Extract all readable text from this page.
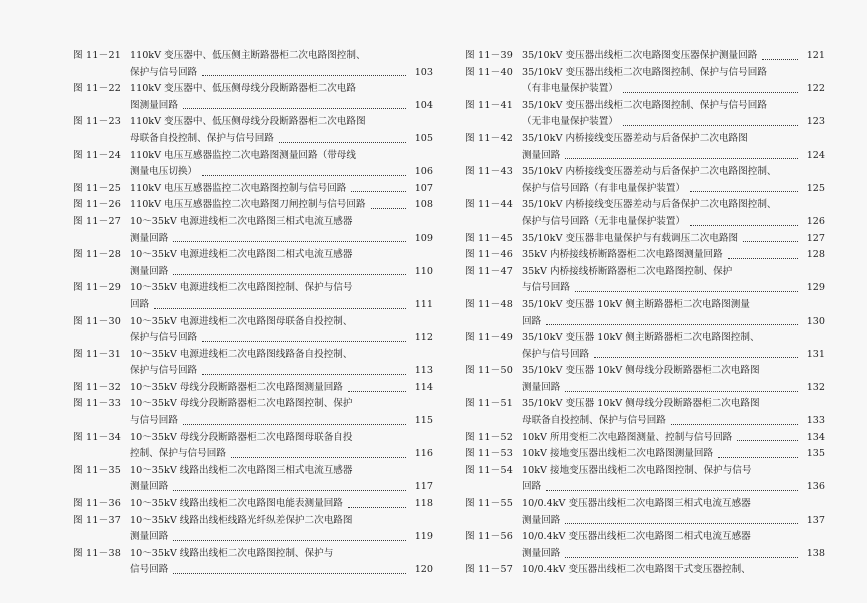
图 11－21 110kV 变压器中、低压侧主断路器柜二次电路图控制、
保护与信号回路	103
图 11－22 110kV 变压器中、低压侧母线分段断路器柜二次电路
图测量回路	104
图 11－23 110kV 变压器中、低压侧母线分段断路器柜二次电路图
母联备自投控制、保护与信号回路	105
图 11－24 110kV 电压互感器监控二次电路图测量回路（带母线
测量电压切换）	106
图 11－25 110kV 电压互感器监控二次电路图控制与信号回路	107
图 11－26 110kV 电压互感器监控二次电路图刀闸控制与信号回路	108
图 11－27 10～35kV 电源进线柜二次电路图三相式电流互感器
测量回路	109
图 11－28 10～35kV 电源进线柜二次电路图二相式电流互感器
测量回路	110
图 11－29 10～35kV 电源进线柜二次电路图控制、保护与信号
回路	111
图 11－30 10～35kV 电源进线柜二次电路图母联备自投控制、
保护与信号回路	112
图 11－31 10～35kV 电源进线柜二次电路图线路备自投控制、
保护与信号回路	113
图 11－32 10～35kV 母线分段断路器柜二次电路图测量回路	114
图 11－33 10～35kV 母线分段断路器柜二次电路图控制、保护
与信号回路	115
图 11－34 10～35kV 母线分段断路器柜二次电路图母联备自投
控制、保护与信号回路	116
图 11－35 10～35kV 线路出线柜二次电路图三相式电流互感器
测量回路	117
图 11－36 10～35kV 线路出线柜二次电路图电能表测量回路	118
图 11－37 10～35kV 线路出线柜线路光纤纵差保护二次电路图
测量回路	119
图 11－38 10～35kV 线路出线柜二次电路图控制、保护与
信号回路	120
图 11－39 35/10kV 变压器出线柜二次电路图变压器保护测量回路	121
图 11－40 35/10kV 变压器出线柜二次电路图控制、保护与信号回路
（有非电量保护装置）	122
图 11－41 35/10kV 变压器出线柜二次电路图控制、保护与信号回路
（无非电量保护装置）	123
图 11－42 35/10kV 内桥接线变压器差动与后备保护二次电路图
测量回路	124
图 11－43 35/10kV 内桥接线变压器差动与后备保护二次电路图控制、
保护与信号回路（有非电量保护装置）	125
图 11－44 35/10kV 内桥接线变压器差动与后备保护二次电路图控制、
保护与信号回路（无非电量保护装置）	126
图 11－45 35/10kV 变压器非电量保护与有载调压二次电路图	127
图 11－46 35kV 内桥接线桥断路器柜二次电路图测量回路	128
图 11－47 35kV 内桥接线桥断路器柜二次电路图控制、保护
与信号回路	129
图 11－48 35/10kV 变压器 10kV 侧主断路器柜二次电路图测量
回路	130
图 11－49 35/10kV 变压器 10kV 侧主断路器柜二次电路图控制、
保护与信号回路	131
图 11－50 35/10kV 变压器 10kV 侧母线分段断路器柜二次电路图
测量回路	132
图 11－51 35/10kV 变压器 10kV 侧母线分段断路器柜二次电路图
母联备自投控制、保护与信号回路	133
图 11－52 10kV 所用变柜二次电路图测量、控制与信号回路	134
图 11－53 10kV 接地变压器出线柜二次电路图测量回路	135
图 11－54 10kV 接地变压器出线柜二次电路图控制、保护与信号
回路	136
图 11－55 10/0.4kV 变压器出线柜二次电路图三相式电流互感器
测量回路	137
图 11－56 10/0.4kV 变压器出线柜二次电路图二相式电流互感器
测量回路	138
图 11－57 10/0.4kV 变压器出线柜二次电路图干式变压器控制、
